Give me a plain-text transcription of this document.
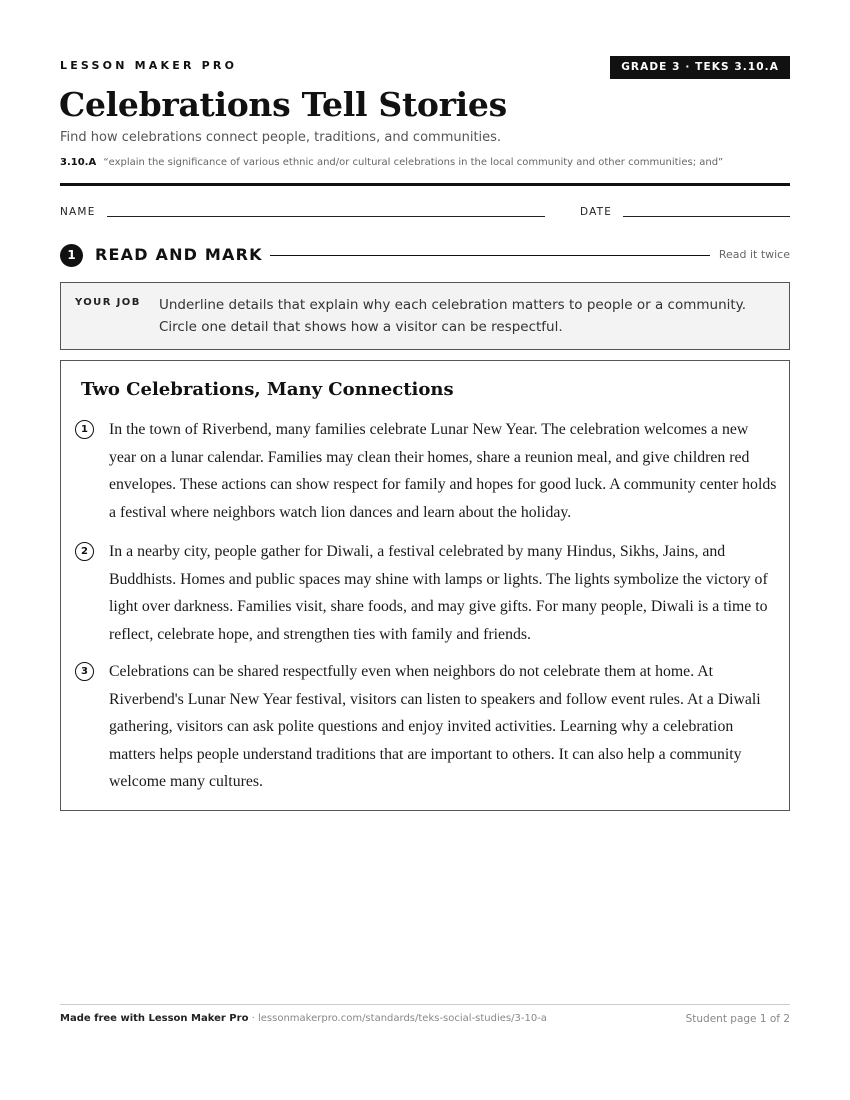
LESSON MAKER PRO	GRADE 3 · TEKS 3.10.A
Celebrations Tell Stories
Find how celebrations connect people, traditions, and communities.
3.10.A “explain the significance of various ethnic and/or cultural celebrations in the local community and other communities; and”
NAME	DATE
1	READ AND MARK	Read it twice
YOUR JOB Underline details that explain why each celebration matters to people or a community. Circle one detail that shows how a visitor can be respectful.
Two Celebrations, Many Connections
1	In the town of Riverbend, many families celebrate Lunar New Year. The celebration welcomes a new year on a lunar calendar. Families may clean their homes, share a reunion meal, and give children red envelopes. These actions can show respect for family and hopes for good luck. A community center holds a festival where neighbors watch lion dances and learn about the holiday.

2	In a nearby city, people gather for Diwali, a festival celebrated by many Hindus, Sikhs, Jains, and Buddhists. Homes and public spaces may shine with lamps or lights. The lights symbolize the victory of light over darkness. Families visit, share foods, and may give gifts. For many people, Diwali is a time to reflect, celebrate hope, and strengthen ties with family and friends.

3	Celebrations can be shared respectfully even when neighbors do not celebrate them at home. At Riverbend's Lunar New Year festival, visitors can listen to speakers and follow event rules. At a Diwali gathering, visitors can ask polite questions and enjoy invited activities. Learning why a celebration matters helps people understand traditions that are important to others. It can also help a community welcome many cultures.

Made free with Lesson Maker Pro · lessonmakerpro.com/standards/teks-social-studies/3-10-a	Student page 1 of 2
